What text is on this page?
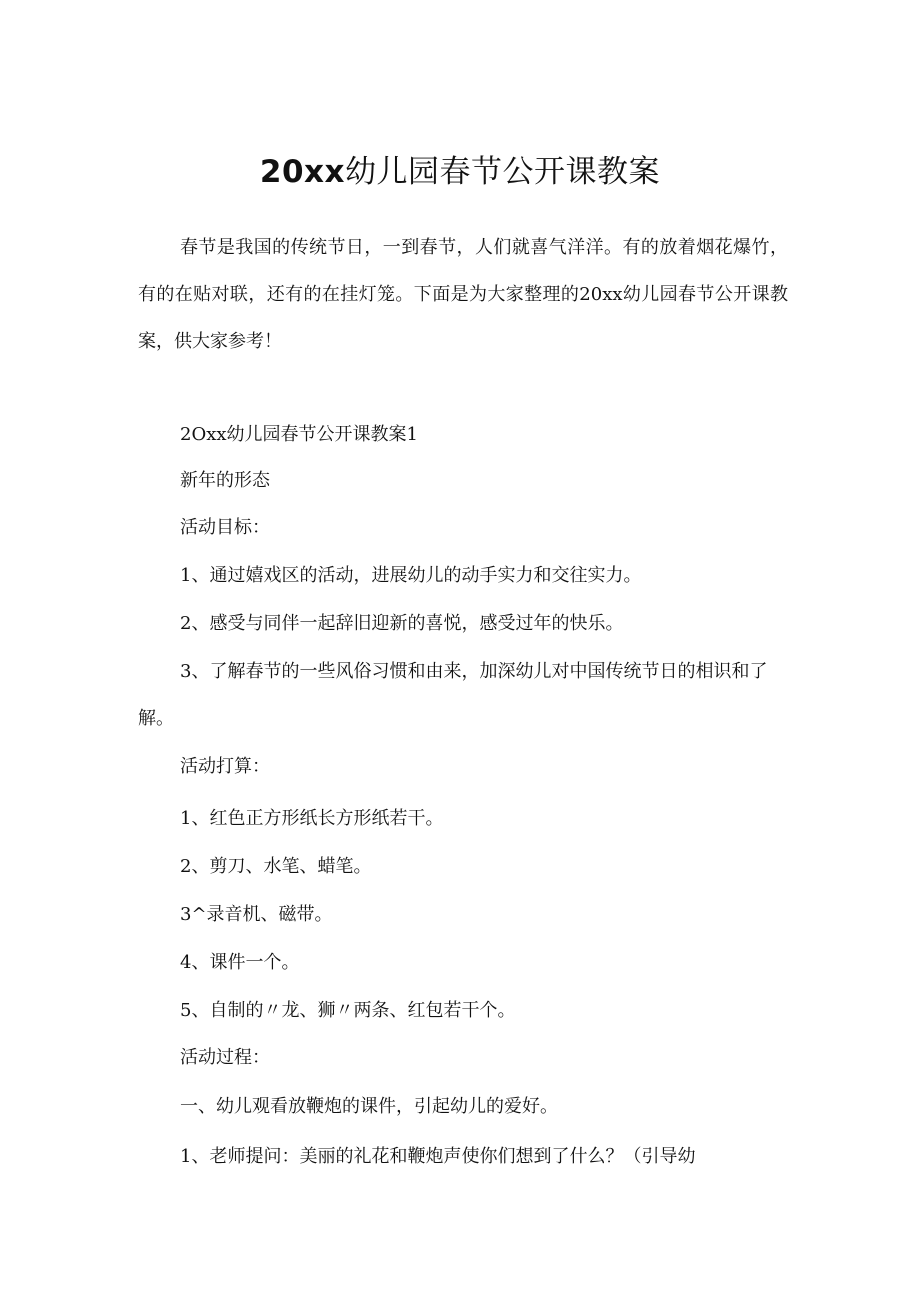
20xx幼儿园春节公开课教案

春节是我国的传统节日，一到春节，人们就喜气洋洋。有的放着烟花爆竹，有的在贴对联，还有的在挂灯笼。下面是为大家整理的20xx幼儿园春节公开课教案，供大家参考！

2Oxx幼儿园春节公开课教案1

新年的形态

活动目标：

1、通过嬉戏区的活动，进展幼儿的动手实力和交往实力。

2、感受与同伴一起辞旧迎新的喜悦，感受过年的快乐。

3、了解春节的一些风俗习惯和由来，加深幼儿对中国传统节日的相识和了解。

活动打算：

1、红色正方形纸长方形纸若干。

2、剪刀、水笔、蜡笔。

3^录音机、磁带。

4、课件一个。

5、自制的〃龙、狮〃两条、红包若干个。

活动过程：

一、幼儿观看放鞭炮的课件，引起幼儿的爱好。

1、老师提问：美丽的礼花和鞭炮声使你们想到了什么？（引导幼
